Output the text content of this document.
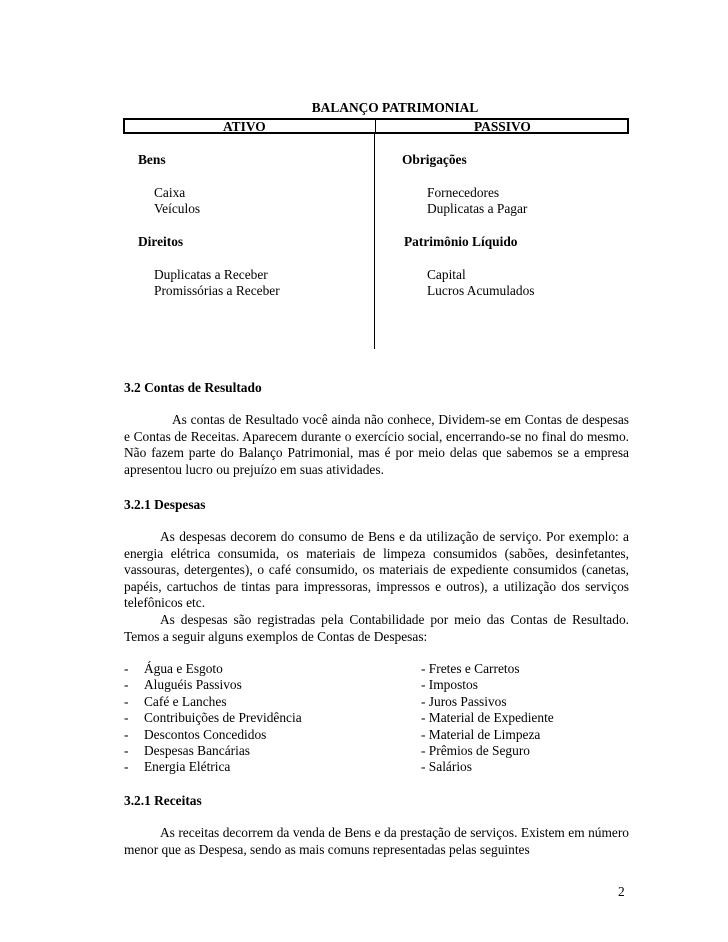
BALANÇO PATRIMONIAL
ATIVO	PASSIVO
Bens
Caixa
Veículos
Direitos
Duplicatas a Receber
Promissórias a Receber
Obrigações
Fornecedores
Duplicatas a Pagar
Patrimônio Líquido
Capital
Lucros Acumulados
3.2 Contas de Resultado

As contas de Resultado você ainda não conhece, Dividem-se em Contas de despesas e Contas de Receitas. Aparecem durante o exercício social, encerrando-se no final do mesmo. Não fazem parte do Balanço Patrimonial, mas é por meio delas que sabemos se a empresa apresentou lucro ou prejuízo em suas atividades.

3.2.1 Despesas

As despesas decorem do consumo de Bens e da utilização de serviço. Por exemplo: a energia elétrica consumida, os materiais de limpeza consumidos (sabões, desinfetantes, vassouras, detergentes), o café consumido, os materiais de expediente consumidos (canetas, papéis, cartuchos de tintas para impressoras, impressos e outros), a utilização dos serviços telefônicos etc.
As despesas são registradas pela Contabilidade por meio das Contas de Resultado. Temos a seguir alguns exemplos de Contas de Despesas:

- Água e Esgoto
- Aluguéis Passivos
- Café e Lanches
- Contribuições de Previdência
- Descontos Concedidos
- Despesas Bancárias
- Energia Elétrica
- Fretes e Carretos
- Impostos
- Juros Passivos
- Material de Expediente
- Material de Limpeza
- Prêmios de Seguro
- Salários
3.2.1 Receitas

As receitas decorrem da venda de Bens e da prestação de serviços. Existem em número menor que as Despesa, sendo as mais comuns representadas pelas seguintes

2
